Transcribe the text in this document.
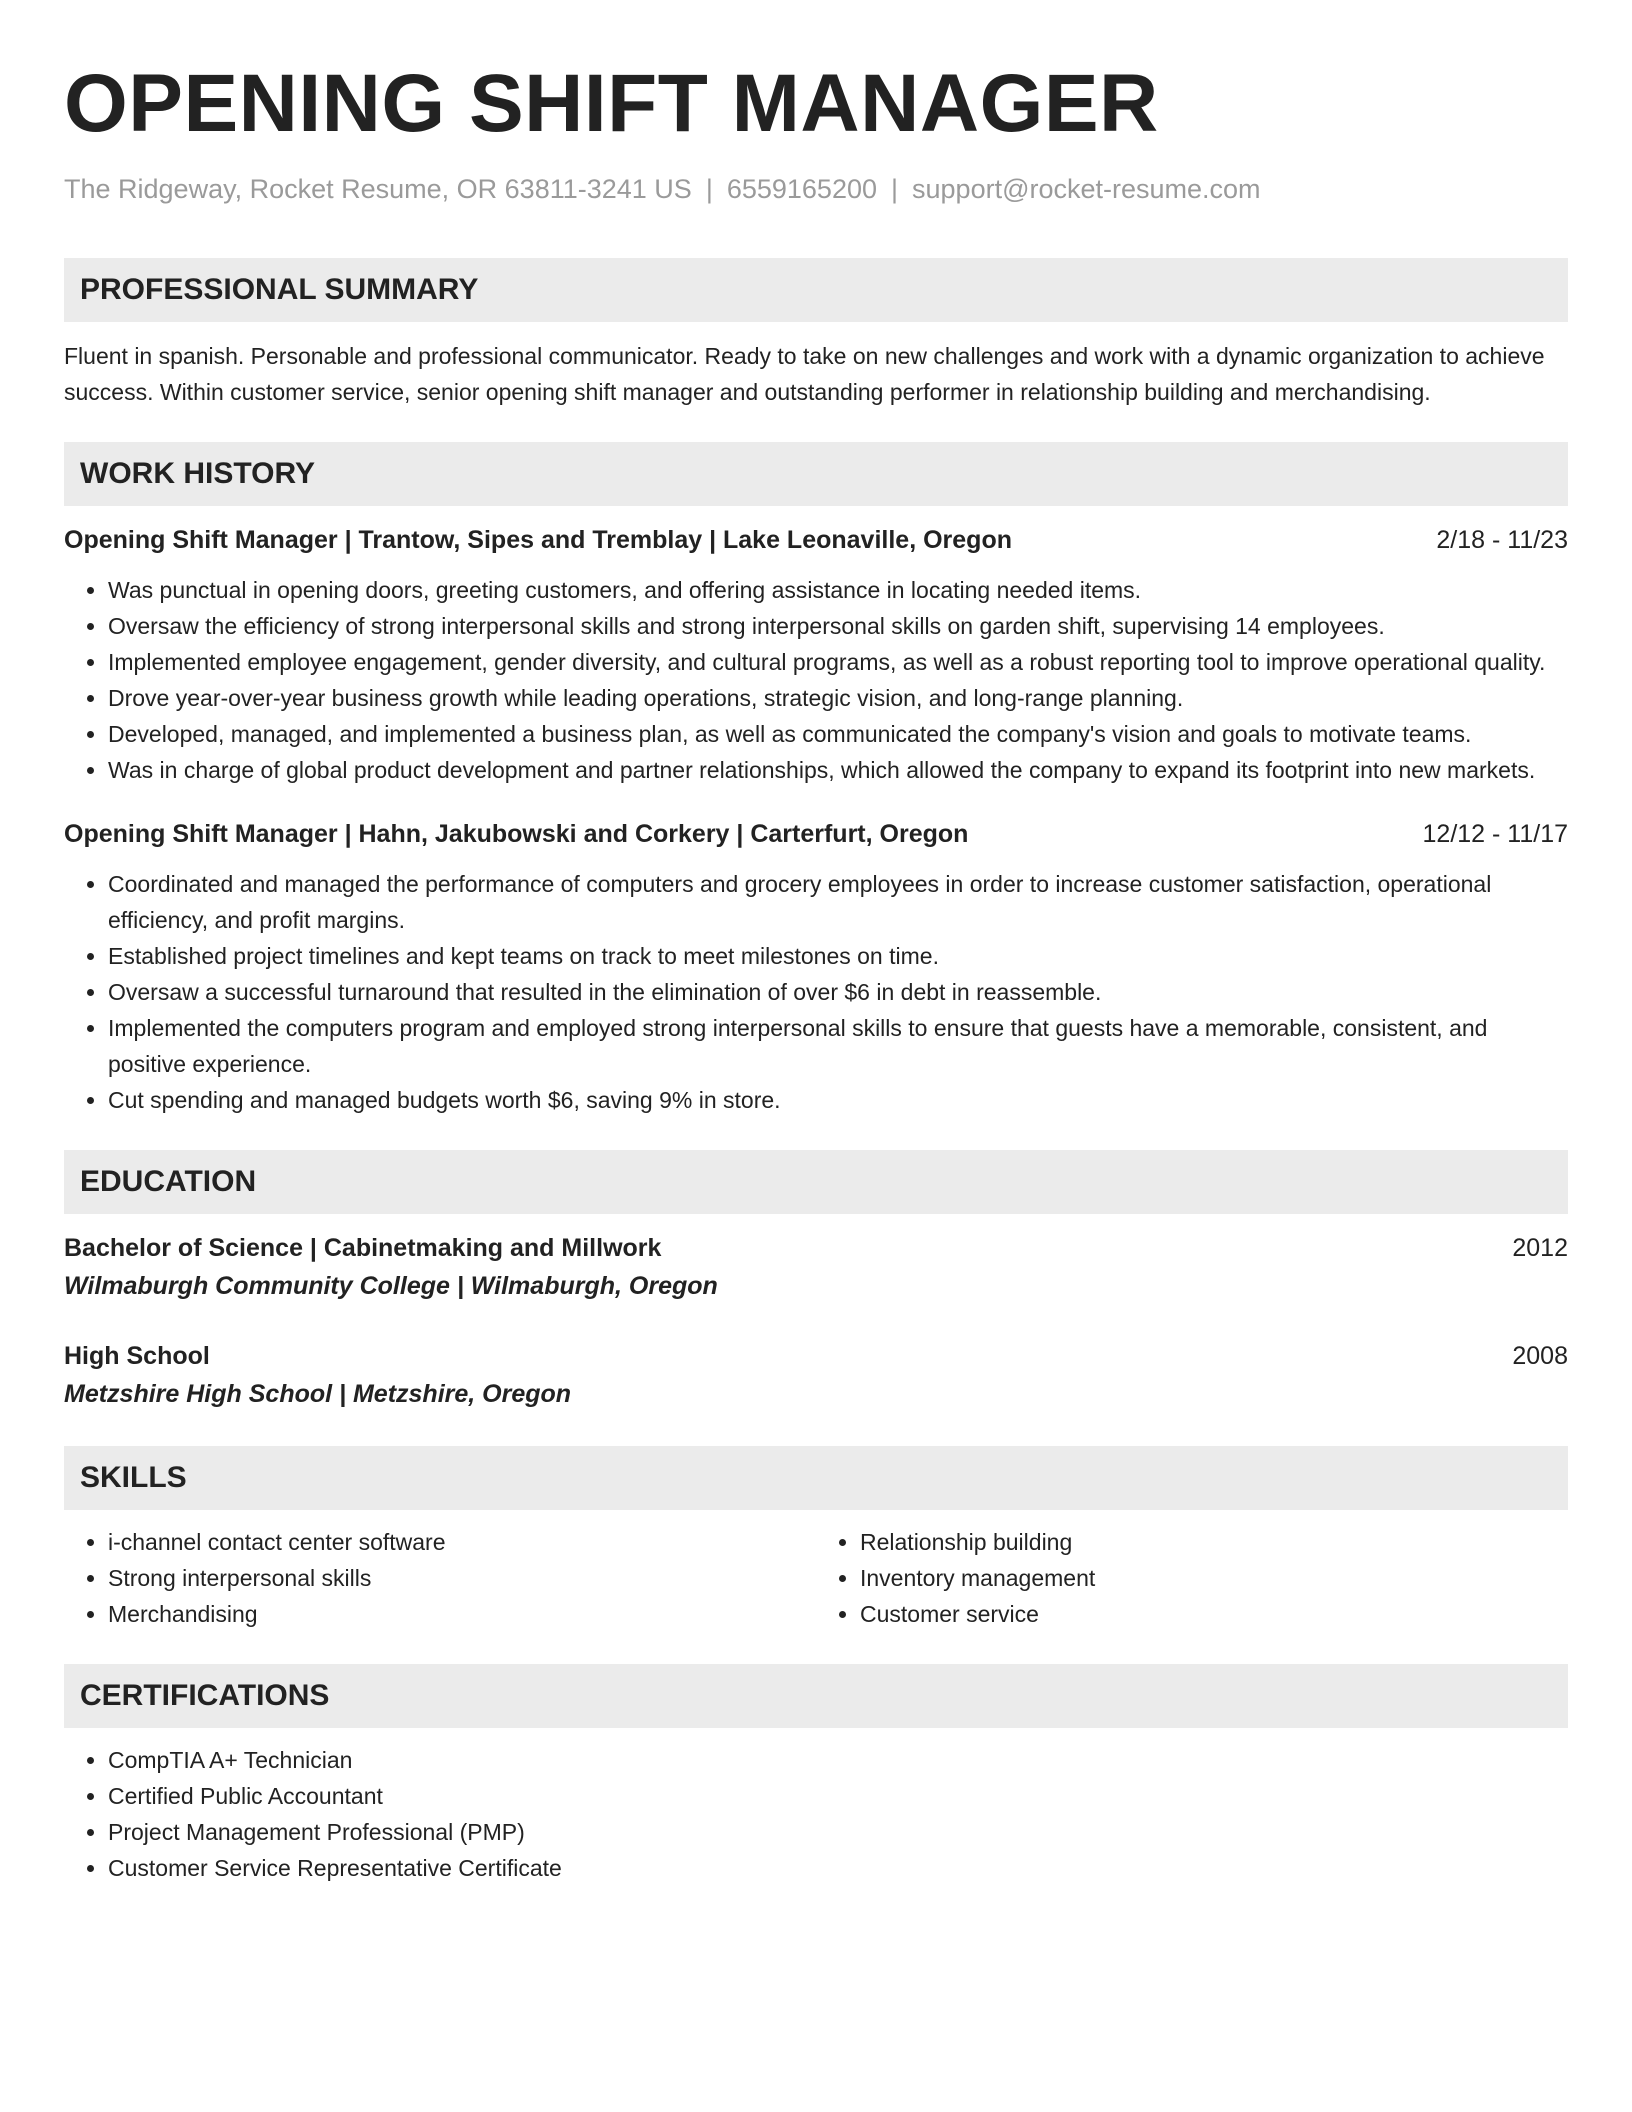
OPENING SHIFT MANAGER
The Ridgeway, Rocket Resume, OR 63811-3241 US | 6559165200 | support@rocket-resume.com
PROFESSIONAL SUMMARY

Fluent in spanish. Personable and professional communicator. Ready to take on new challenges and work with a dynamic organization to achieve success. Within customer service, senior opening shift manager and outstanding performer in relationship building and merchandising.

WORK HISTORY
Opening Shift Manager | Trantow, Sipes and Tremblay | Lake Leonaville, Oregon	2/18 - 11/23
• Was punctual in opening doors, greeting customers, and offering assistance in locating needed items.
• Oversaw the efficiency of strong interpersonal skills and strong interpersonal skills on garden shift, supervising 14 employees.
• Implemented employee engagement, gender diversity, and cultural programs, as well as a robust reporting tool to improve operational quality.
• Drove year-over-year business growth while leading operations, strategic vision, and long-range planning.
• Developed, managed, and implemented a business plan, as well as communicated the company's vision and goals to motivate teams.
• Was in charge of global product development and partner relationships, which allowed the company to expand its footprint into new markets.
Opening Shift Manager | Hahn, Jakubowski and Corkery | Carterfurt, Oregon	12/12 - 11/17
• Coordinated and managed the performance of computers and grocery employees in order to increase customer satisfaction, operational efficiency, and profit margins.
• Established project timelines and kept teams on track to meet milestones on time.
• Oversaw a successful turnaround that resulted in the elimination of over $6 in debt in reassemble.
• Implemented the computers program and employed strong interpersonal skills to ensure that guests have a memorable, consistent, and positive experience.
• Cut spending and managed budgets worth $6, saving 9% in store.
EDUCATION
Bachelor of Science | Cabinetmaking and Millwork	2012
Wilmaburgh Community College | Wilmaburgh, Oregon
High School	2008
Metzshire High School | Metzshire, Oregon
SKILLS
• i-channel contact center software
• Strong interpersonal skills
• Merchandising
• Relationship building
• Inventory management
• Customer service
CERTIFICATIONS
• CompTIA A+ Technician
• Certified Public Accountant
• Project Management Professional (PMP)
• Customer Service Representative Certificate
